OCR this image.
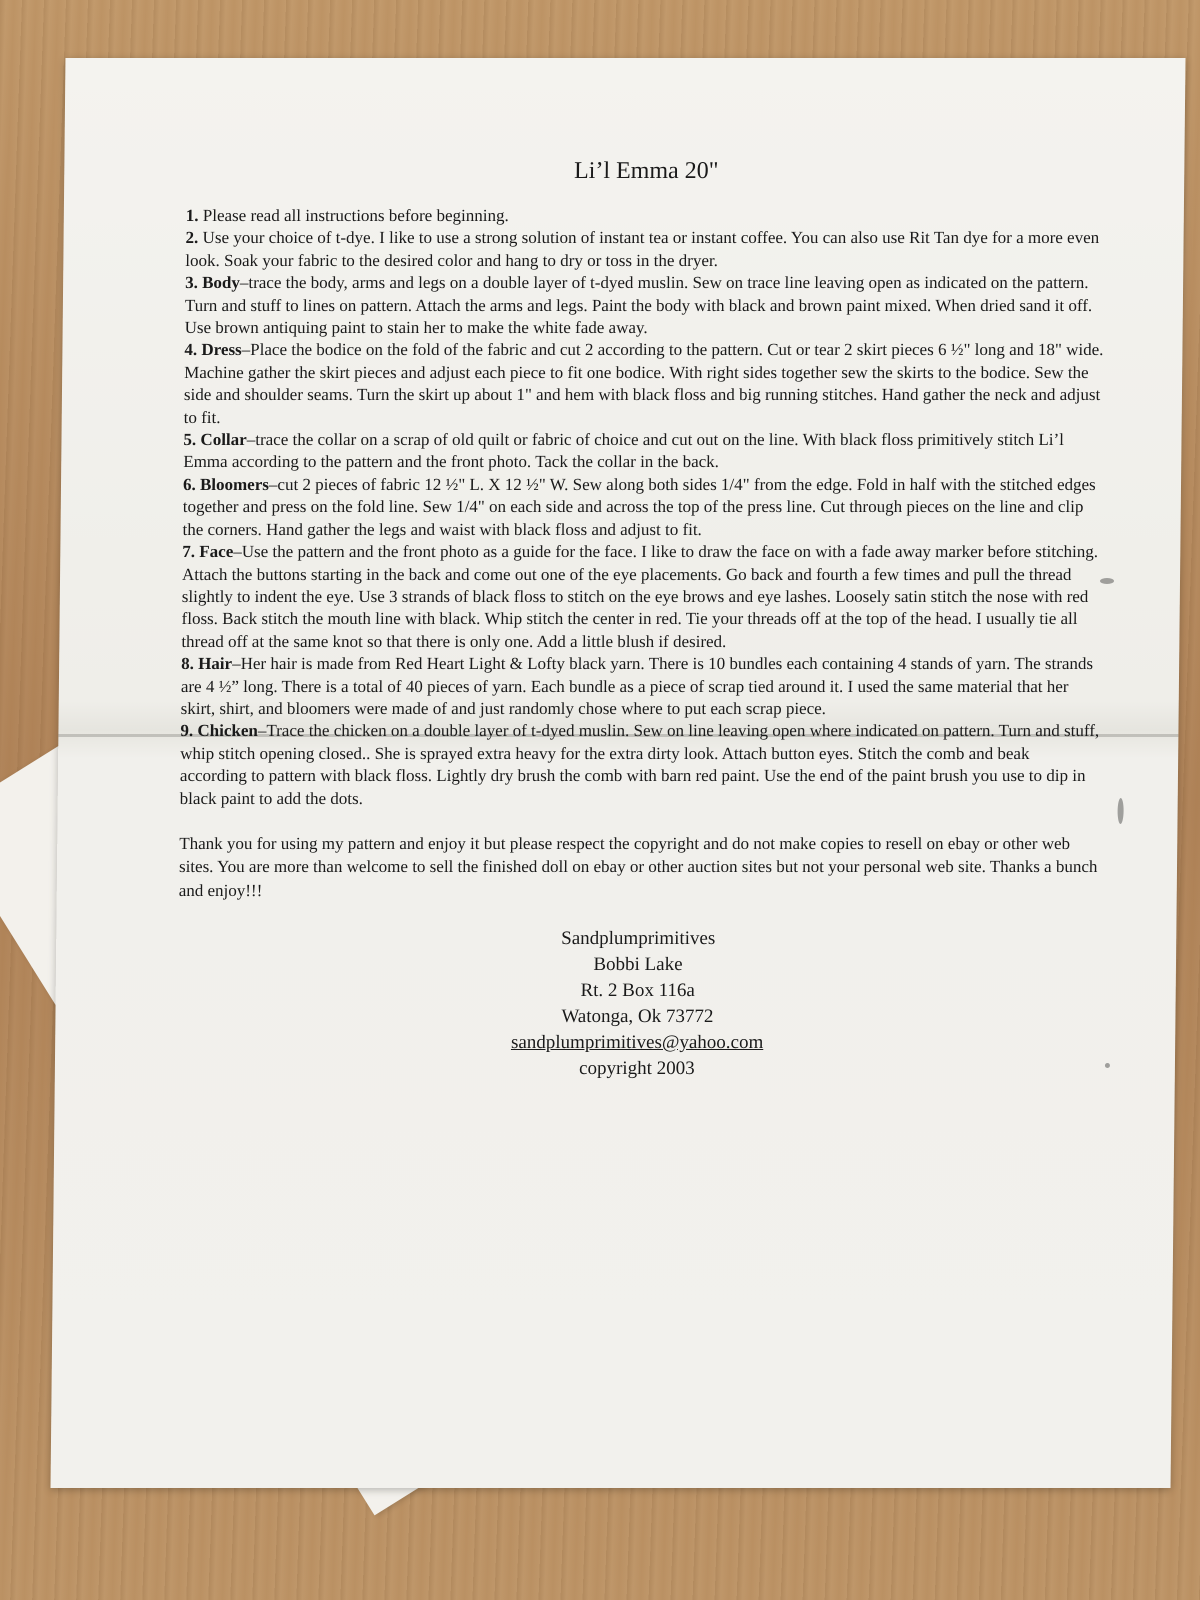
Li’l Emma 20"

1. Please read all instructions before beginning.

2. Use your choice of t-dye. I like to use a strong solution of instant tea or instant coffee. You can also use Rit Tan dye for a more even look. Soak your fabric to the desired color and hang to dry or toss in the dryer.

3. Body–trace the body, arms and legs on a double layer of t-dyed muslin. Sew on trace line leaving open as indicated on the pattern. Turn and stuff to lines on pattern. Attach the arms and legs. Paint the body with black and brown paint mixed. When dried sand it off. Use brown antiquing paint to stain her to make the white fade away.

4. Dress–Place the bodice on the fold of the fabric and cut 2 according to the pattern. Cut or tear 2 skirt pieces 6 ½" long and 18" wide. Machine gather the skirt pieces and adjust each piece to fit one bodice. With right sides together sew the skirts to the bodice. Sew the side and shoulder seams. Turn the skirt up about 1" and hem with black floss and big running stitches. Hand gather the neck and adjust to fit.

5. Collar–trace the collar on a scrap of old quilt or fabric of choice and cut out on the line. With black floss primitively stitch Li’l Emma according to the pattern and the front photo. Tack the collar in the back.

6. Bloomers–cut 2 pieces of fabric 12 ½" L. X 12 ½" W. Sew along both sides 1/4" from the edge. Fold in half with the stitched edges together and press on the fold line. Sew 1/4" on each side and across the top of the press line. Cut through pieces on the line and clip the corners. Hand gather the legs and waist with black floss and adjust to fit.

7. Face–Use the pattern and the front photo as a guide for the face. I like to draw the face on with a fade away marker before stitching. Attach the buttons starting in the back and come out one of the eye placements. Go back and fourth a few times and pull the thread slightly to indent the eye. Use 3 strands of black floss to stitch on the eye brows and eye lashes. Loosely satin stitch the nose with red floss. Back stitch the mouth line with black. Whip stitch the center in red. Tie your threads off at the top of the head. I usually tie all thread off at the same knot so that there is only one. Add a little blush if desired.

8. Hair–Her hair is made from Red Heart Light & Lofty black yarn. There is 10 bundles each containing 4 stands of yarn. The strands are 4 ½” long. There is a total of 40 pieces of yarn. Each bundle as a piece of scrap tied around it. I used the same material that her skirt, shirt, and bloomers were made of and just randomly chose where to put each scrap piece.

9. Chicken–Trace the chicken on a double layer of t-dyed muslin. Sew on line leaving open where indicated on pattern. Turn and stuff, whip stitch opening closed.. She is sprayed extra heavy for the extra dirty look. Attach button eyes. Stitch the comb and beak according to pattern with black floss. Lightly dry brush the comb with barn red paint. Use the end of the paint brush you use to dip in black paint to add the dots.

Thank you for using my pattern and enjoy it but please respect the copyright and do not make copies to resell on ebay or other web sites. You are more than welcome to sell the finished doll on ebay or other auction sites but not your personal web site. Thanks a bunch and enjoy!!!

Sandplumprimitives
Bobbi Lake
Rt. 2 Box 116a
Watonga, Ok 73772
sandplumprimitives@yahoo.com
copyright 2003
